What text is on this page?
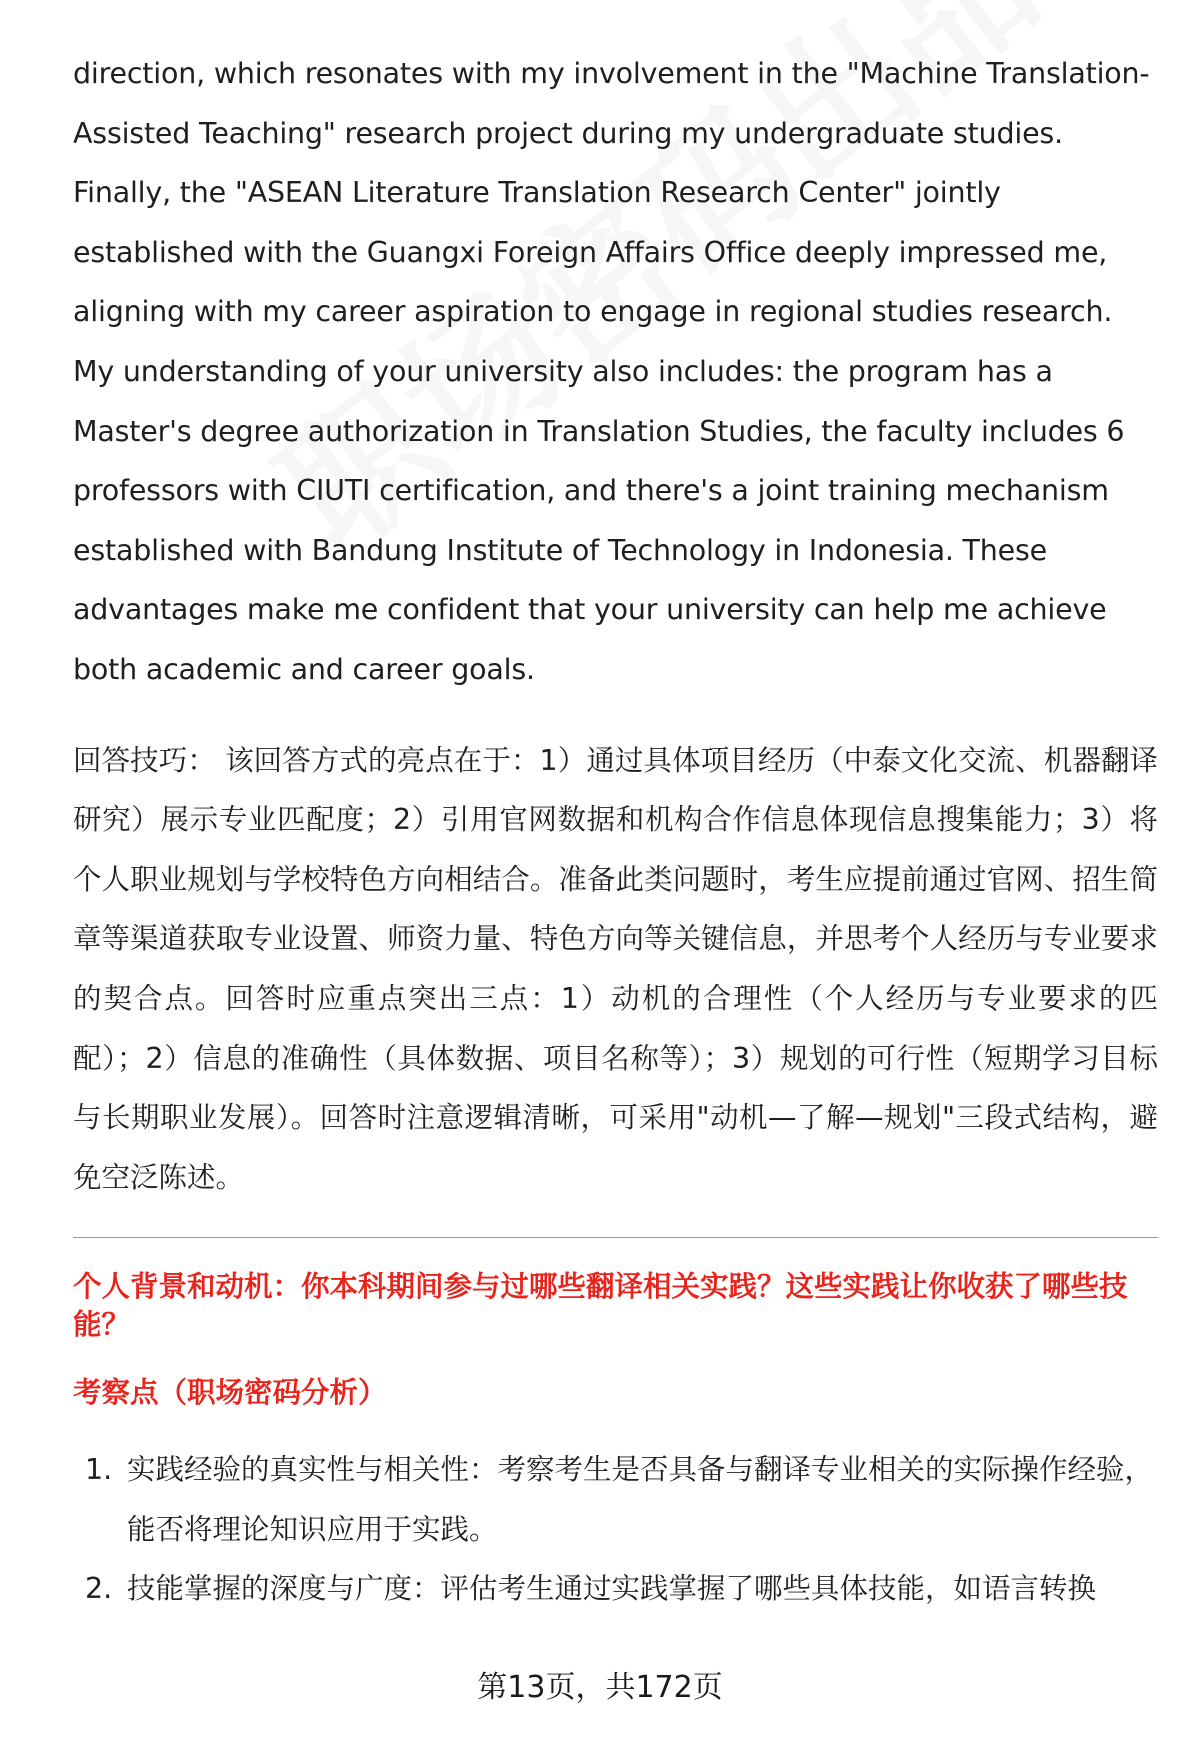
direction, which resonates with my involvement in the "Machine Translation-Assisted Teaching" research project during my undergraduate studies. Finally, the "ASEAN Literature Translation Research Center" jointly established with the Guangxi Foreign Affairs Office deeply impressed me, aligning with my career aspiration to engage in regional studies research. My understanding of your university also includes: the program has a Master's degree authorization in Translation Studies, the faculty includes 6 professors with CIUTI certification, and there's a joint training mechanism established with Bandung Institute of Technology in Indonesia. These advantages make me confident that your university can help me achieve both academic and career goals.

回答技巧： 该回答方式的亮点在于：1）通过具体项目经历（中泰文化交流、机器翻译研究）展示专业匹配度；2）引用官网数据和机构合作信息体现信息搜集能力；3）将个人职业规划与学校特色方向相结合。准备此类问题时，考生应提前通过官网、招生简章等渠道获取专业设置、师资力量、特色方向等关键信息，并思考个人经历与专业要求的契合点。回答时应重点突出三点：1）动机的合理性（个人经历与专业要求的匹配）；2）信息的准确性（具体数据、项目名称等）；3）规划的可行性（短期学习目标与长期职业发展）。回答时注意逻辑清晰，可采用"动机—了解—规划"三段式结构，避免空泛陈述。

个人背景和动机：你本科期间参与过哪些翻译相关实践？这些实践让你收获了哪些技能？

考察点（职场密码分析）

1. 实践经验的真实性与相关性：考察考生是否具备与翻译专业相关的实际操作经验，能否将理论知识应用于实践。
2. 技能掌握的深度与广度：评估考生通过实践掌握了哪些具体技能，如语言转换
第13页，共172页
